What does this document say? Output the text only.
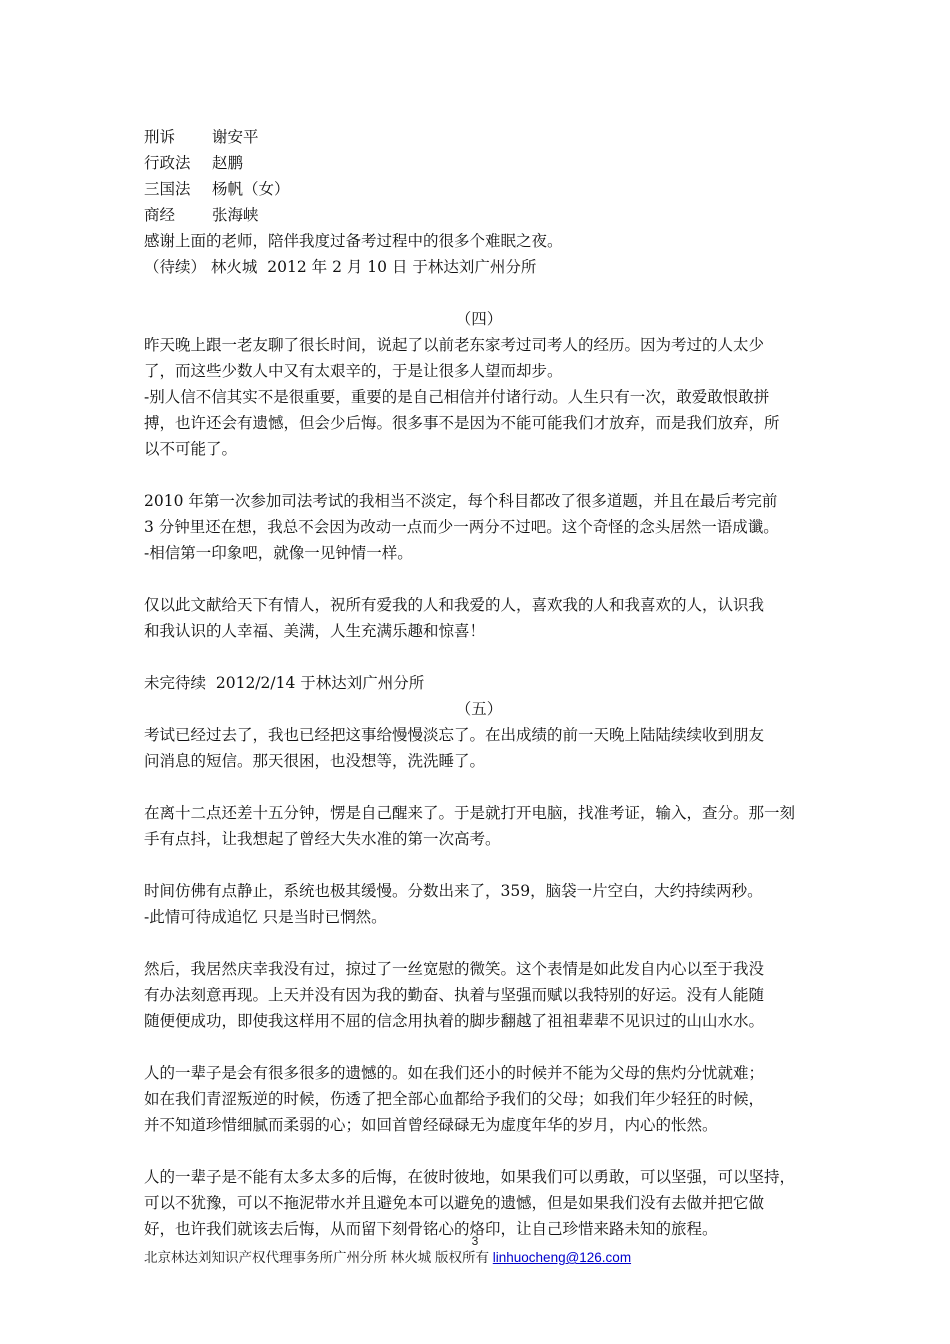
刑诉 谢安平

行政法 赵鹏

三国法 杨帆（女）

商经 张海峡

感谢上面的老师，陪伴我度过备考过程中的很多个难眠之夜。

（待续） 林火城  2012 年 2 月 10 日 于林达刘广州分所

（四）

昨天晚上跟一老友聊了很长时间，说起了以前老东家考过司考人的经历。因为考过的人太少

了，而这些少数人中又有太艰辛的，于是让很多人望而却步。

-别人信不信其实不是很重要，重要的是自己相信并付诸行动。人生只有一次，敢爱敢恨敢拼

搏，也许还会有遗憾，但会少后悔。很多事不是因为不能可能我们才放弃，而是我们放弃，所

以不可能了。

2010 年第一次参加司法考试的我相当不淡定，每个科目都改了很多道题，并且在最后考完前

3 分钟里还在想，我总不会因为改动一点而少一两分不过吧。这个奇怪的念头居然一语成谶。

-相信第一印象吧，就像一见钟情一样。

仅以此文献给天下有情人，祝所有爱我的人和我爱的人，喜欢我的人和我喜欢的人，认识我

和我认识的人幸福、美满，人生充满乐趣和惊喜！

未完待续  2012/2/14 于林达刘广州分所

（五）

考试已经过去了，我也已经把这事给慢慢淡忘了。在出成绩的前一天晚上陆陆续续收到朋友

问消息的短信。那天很困，也没想等，洗洗睡了。

在离十二点还差十五分钟，愣是自己醒来了。于是就打开电脑，找准考证，输入，查分。那一刻

手有点抖，让我想起了曾经大失水准的第一次高考。

时间仿佛有点静止，系统也极其缓慢。分数出来了，359，脑袋一片空白，大约持续两秒。

-此情可待成追忆 只是当时已惘然。

然后，我居然庆幸我没有过，掠过了一丝宽慰的微笑。这个表情是如此发自内心以至于我没

有办法刻意再现。上天并没有因为我的勤奋、执着与坚强而赋以我特别的好运。没有人能随

随便便成功，即使我这样用不屈的信念用执着的脚步翻越了祖祖辈辈不见识过的山山水水。

人的一辈子是会有很多很多的遗憾的。如在我们还小的时候并不能为父母的焦灼分忧就难；

如在我们青涩叛逆的时候，伤透了把全部心血都给予我们的父母；如我们年少轻狂的时候，

并不知道珍惜细腻而柔弱的心；如回首曾经碌碌无为虚度年华的岁月，内心的怅然。

人的一辈子是不能有太多太多的后悔，在彼时彼地，如果我们可以勇敢，可以坚强，可以坚持，

可以不犹豫，可以不拖泥带水并且避免本可以避免的遗憾，但是如果我们没有去做并把它做

好，也许我们就该去后悔，从而留下刻骨铭心的烙印，让自己珍惜来路未知的旅程。

3
北京林达刘知识产权代理事务所广州分所 林火城 版权所有 linhuocheng@126.com
